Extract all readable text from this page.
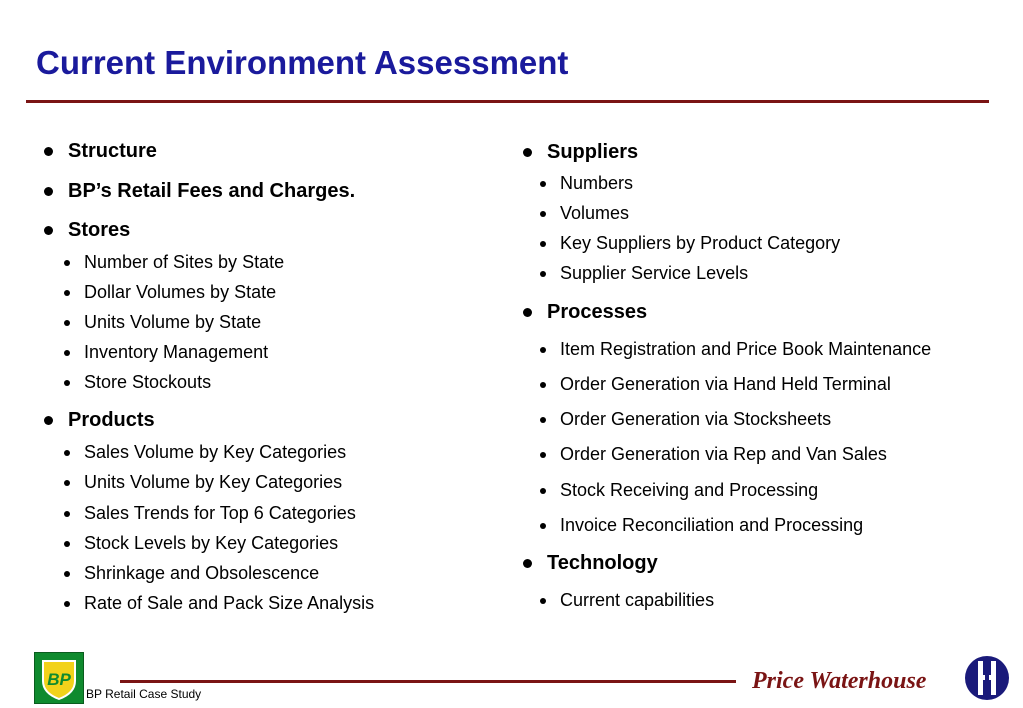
Current Environment Assessment
Structure
BP’s Retail Fees and Charges.
Stores
Number of Sites by State
Dollar Volumes by State
Units Volume by State
Inventory Management
Store Stockouts
Products
Sales Volume by Key Categories
Units Volume by Key Categories
Sales Trends for Top 6 Categories
Stock Levels by Key Categories
Shrinkage and Obsolescence
Rate of Sale and Pack Size Analysis
Suppliers
Numbers
Volumes
Key Suppliers by Product Category
Supplier Service Levels
Processes
Item Registration and Price Book Maintenance
Order Generation via Hand Held Terminal
Order Generation via Stocksheets
Order Generation via Rep and Van Sales
Stock Receiving and Processing
Invoice Reconciliation and Processing
Technology
Current capabilities
BP
BP Retail Case Study	Price Waterhouse
